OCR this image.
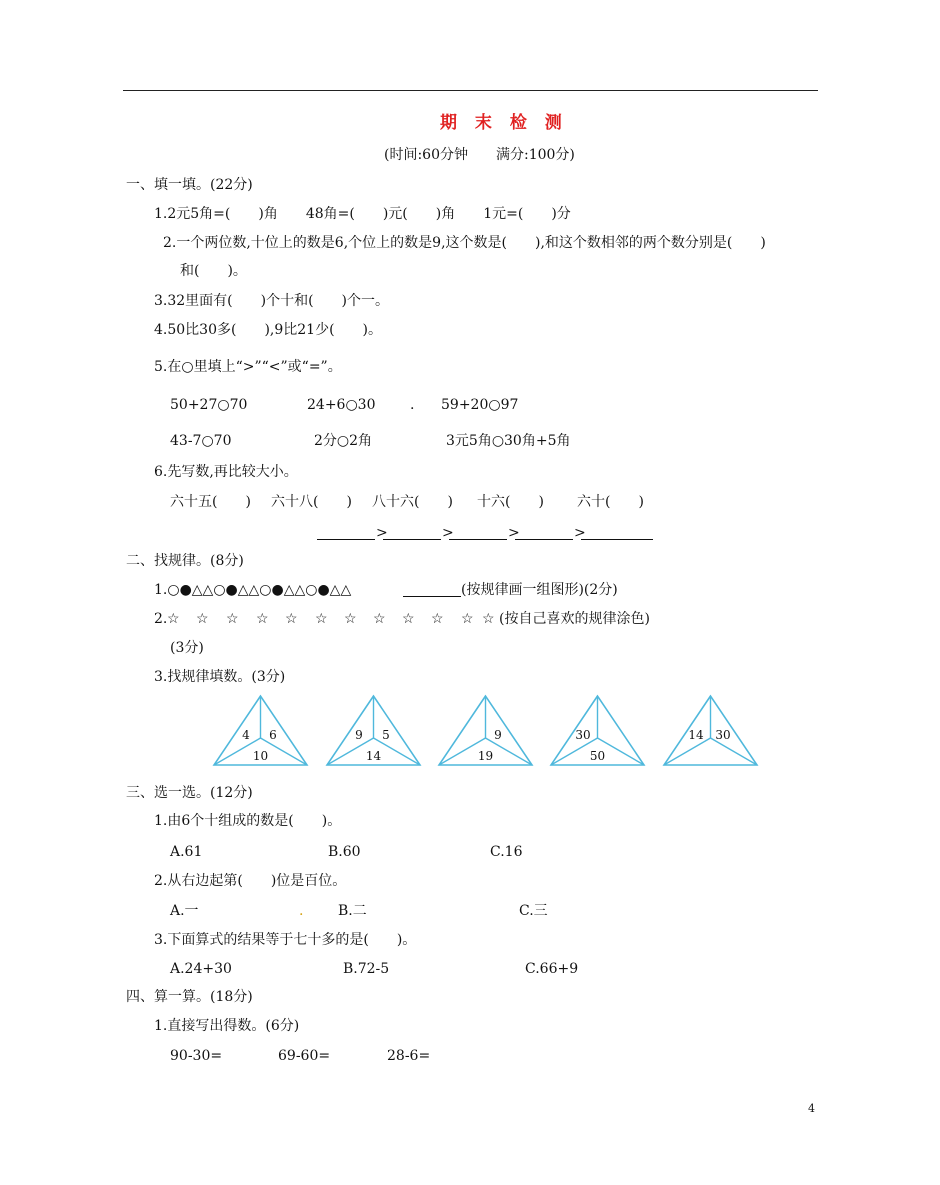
期 末 检 测
(时间:60分钟　　满分:100分)
一、填一填。(22分)
1.2元5角=(　　)角　　48角=(　　)元(　　)角　　1元=(　　)分
2.一个两位数,十位上的数是6,个位上的数是9,这个数是(　　),和这个数相邻的两个数分别是(　　)
和(　　)。
3.32里面有(　　)个十和(　　)个一。
4.50比30多(　　),9比21少(　　)。
5.在○里填上“>”“<”或“=”。
50+27○70	24+6○30 . 59+20○97
43-7○70	2分○2角	3元5角○30角+5角
6.先写数,再比较大小。
六十五(　　) 六十八(　　) 八十六(　　) 十六(　　) 六十(　　)
>	>	>	>
二、找规律。(8分)
1.○●△△○●△△○●△△○●△△	(按规律画一组图形)(2分)
2. ☆ ☆ ☆ ☆ ☆ ☆ ☆ ☆ ☆ ☆ ☆ ☆ (按自己喜欢的规律涂色)
(3分)
3.找规律填数。(3分)
4 6
10
9 5
14
9
19
30
50
14 30
三、选一选。(12分)
1.由6个十组成的数是(　　)。
A.61	B.60	C.16
2.从右边起第(　　)位是百位。
A.一	. B.二	C.三
3.下面算式的结果等于七十多的是(　　)。
A.24+30	B.72-5	C.66+9
四、算一算。(18分)
1.直接写出得数。(6分)
90-30=	69-60=	28-6=
4
